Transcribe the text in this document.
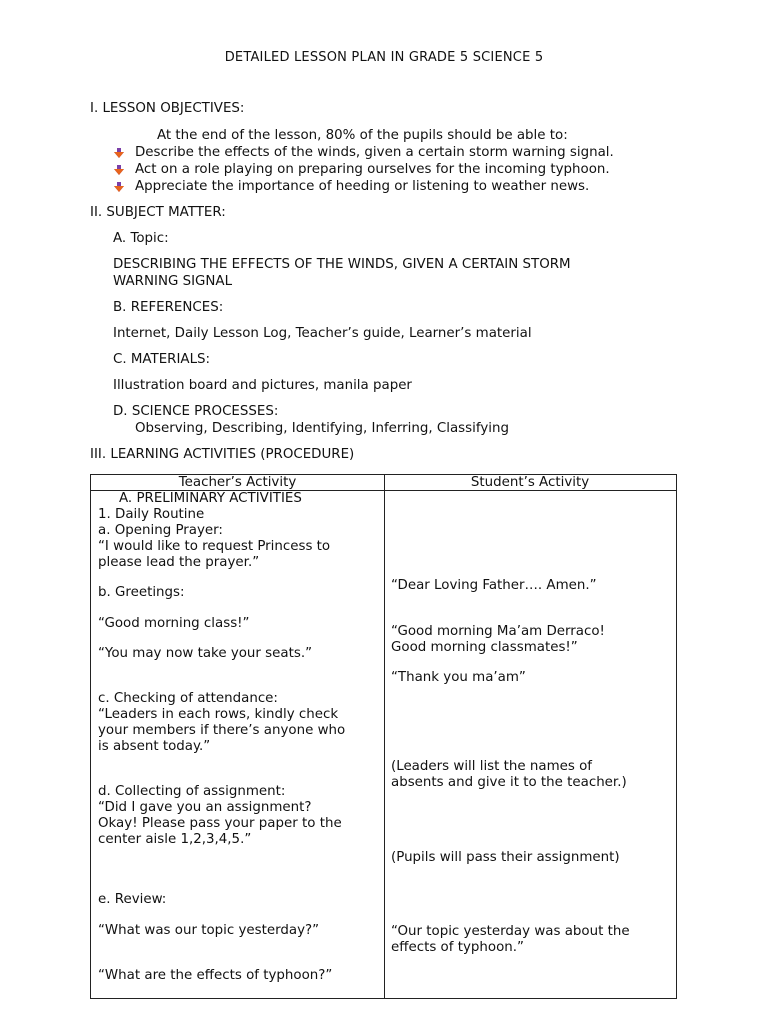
DETAILED LESSON PLAN IN GRADE 5 SCIENCE 5
I. LESSON OBJECTIVES:
At the end of the lesson, 80% of the pupils should be able to:
Describe the effects of the winds, given a certain storm warning signal.
Act on a role playing on preparing ourselves for the incoming typhoon.
Appreciate the importance of heeding or listening to weather news.
II. SUBJECT MATTER:
A. Topic:
DESCRIBING THE EFFECTS OF THE WINDS, GIVEN A CERTAIN STORM
WARNING SIGNAL
B. REFERENCES:
Internet, Daily Lesson Log, Teacher’s guide, Learner’s material
C. MATERIALS:
Illustration board and pictures, manila paper
D. SCIENCE PROCESSES:
Observing, Describing, Identifying, Inferring, Classifying
III. LEARNING ACTIVITIES (PROCEDURE)
Teacher’s Activity	Student’s Activity
A. PRELIMINARY ACTIVITIES
1. Daily Routine
a. Opening Prayer:
“I would like to request Princess to
please lead the prayer.”
b. Greetings:
“Good morning class!”
“You may now take your seats.”
c. Checking of attendance:
“Leaders in each rows, kindly check
your members if there’s anyone who
is absent today.”
d. Collecting of assignment:
“Did I gave you an assignment?
Okay! Please pass your paper to the
center aisle 1,2,3,4,5.”
e. Review:
“What was our topic yesterday?”
“What are the effects of typhoon?”
“Dear Loving Father…. Amen.”
“Good morning Ma’am Derraco!
Good morning classmates!”
“Thank you ma’am”
(Leaders will list the names of
absents and give it to the teacher.)
(Pupils will pass their assignment)
“Our topic yesterday was about the
effects of typhoon.”
